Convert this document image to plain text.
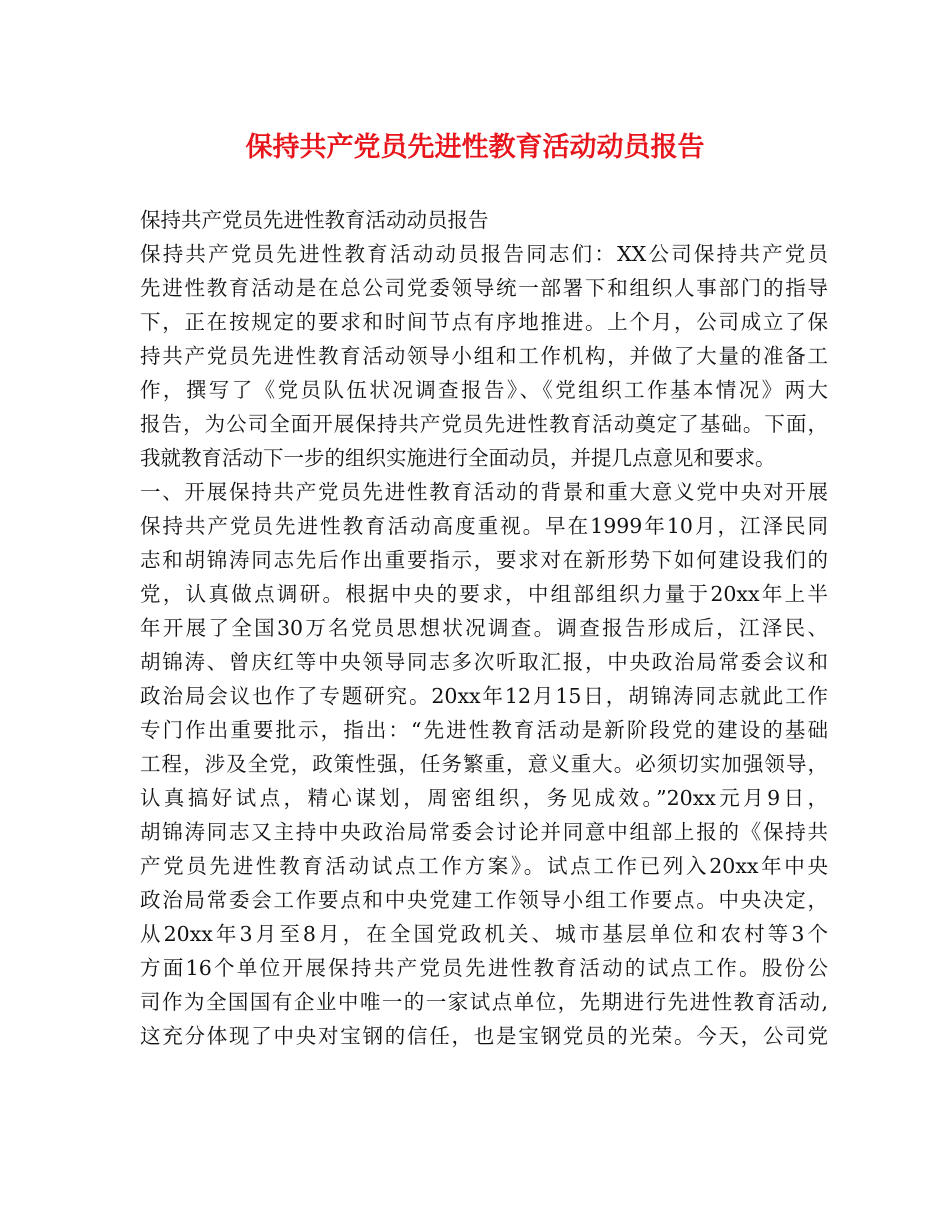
保持共产党员先进性教育活动动员报告
保持共产党员先进性教育活动动员报告
保持共产党员先进性教育活动动员报告同志们：XX公司保持共产党员
先进性教育活动是在总公司党委领导统一部署下和组织人事部门的指导
下，正在按规定的要求和时间节点有序地推进。上个月，公司成立了保
持共产党员先进性教育活动领导小组和工作机构，并做了大量的准备工
作，撰写了《党员队伍状况调查报告》、《党组织工作基本情况》两大
报告，为公司全面开展保持共产党员先进性教育活动奠定了基础。下面，
我就教育活动下一步的组织实施进行全面动员，并提几点意见和要求。
一、开展保持共产党员先进性教育活动的背景和重大意义党中央对开展
保持共产党员先进性教育活动高度重视。早在1999年10月，江泽民同
志和胡锦涛同志先后作出重要指示，要求对在新形势下如何建设我们的
党，认真做点调研。根据中央的要求，中组部组织力量于20xx年上半
年开展了全国30万名党员思想状况调查。调查报告形成后，江泽民、
胡锦涛、曾庆红等中央领导同志多次听取汇报，中央政治局常委会议和
政治局会议也作了专题研究。20xx年12月15日，胡锦涛同志就此工作
专门作出重要批示，指出：“先进性教育活动是新阶段党的建设的基础
工程，涉及全党，政策性强，任务繁重，意义重大。必须切实加强领导，
认真搞好试点，精心谋划，周密组织，务见成效。”20xx元月9日，
胡锦涛同志又主持中央政治局常委会讨论并同意中组部上报的《保持共
产党员先进性教育活动试点工作方案》。试点工作已列入20xx年中央
政治局常委会工作要点和中央党建工作领导小组工作要点。中央决定，
从20xx年3月至8月，在全国党政机关、城市基层单位和农村等3个
方面16个单位开展保持共产党员先进性教育活动的试点工作。股份公
司作为全国国有企业中唯一的一家试点单位，先期进行先进性教育活动,
这充分体现了中央对宝钢的信任，也是宝钢党员的光荣。今天，公司党
